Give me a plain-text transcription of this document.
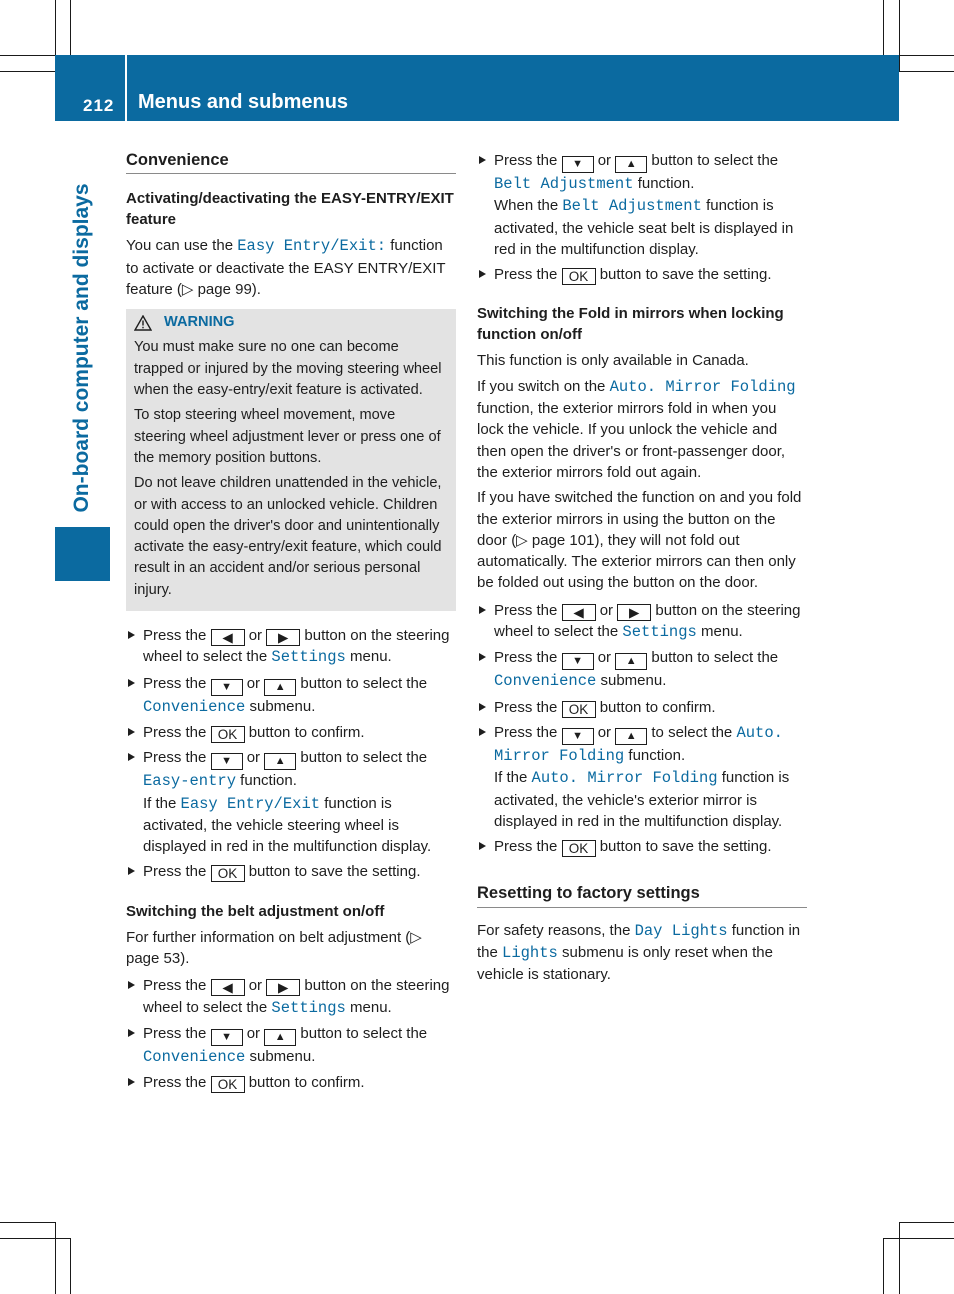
212 Menus and submenus
On-board computer and displays
Convenience
Activating/deactivating the EASY-ENTRY/EXIT feature

You can use the Easy Entry/Exit: function to activate or deactivate the EASY ENTRY/EXIT feature (▷ page 99).

WARNING

You must make sure no one can become trapped or injured by the moving steering wheel when the easy-entry/exit feature is activated.

To stop steering wheel movement, move steering wheel adjustment lever or press one of the memory position buttons.

Do not leave children unattended in the vehicle, or with access to an unlocked vehicle. Children could open the driver's door and unintentionally activate the easy-entry/exit feature, which could result in an accident and/or serious personal injury.

Press the ◀ or ▶ button on the steering wheel to select the Settings menu.
Press the ▼ or ▲ button to select the Convenience submenu.
Press the OK button to confirm.
Press the ▼ or ▲ button to select the Easy-entry function.
If the Easy Entry/Exit function is activated, the vehicle steering wheel is displayed in red in the multifunction display.
Press the OK button to save the setting.
Switching the belt adjustment on/off

For further information on belt adjustment (▷ page 53).

Press the ◀ or ▶ button on the steering wheel to select the Settings menu.
Press the ▼ or ▲ button to select the Convenience submenu.
Press the OK button to confirm.
Press the ▼ or ▲ button to select the Belt Adjustment function.
When the Belt Adjustment function is activated, the vehicle seat belt is displayed in red in the multifunction display.
Press the OK button to save the setting.
Switching the Fold in mirrors when locking function on/off

This function is only available in Canada.

If you switch on the Auto. Mirror Folding function, the exterior mirrors fold in when you lock the vehicle. If you unlock the vehicle and then open the driver's or front-passenger door, the exterior mirrors fold out again.

If you have switched the function on and you fold the exterior mirrors in using the button on the door (▷ page 101), they will not fold out automatically. The exterior mirrors can then only be folded out using the button on the door.

Press the ◀ or ▶ button on the steering wheel to select the Settings menu.
Press the ▼ or ▲ button to select the Convenience submenu.
Press the OK button to confirm.
Press the ▼ or ▲ to select the Auto. Mirror Folding function.
If the Auto. Mirror Folding function is activated, the vehicle's exterior mirror is displayed in red in the multifunction display.
Press the OK button to save the setting.
Resetting to factory settings

For safety reasons, the Day Lights function in the Lights submenu is only reset when the vehicle is stationary.
